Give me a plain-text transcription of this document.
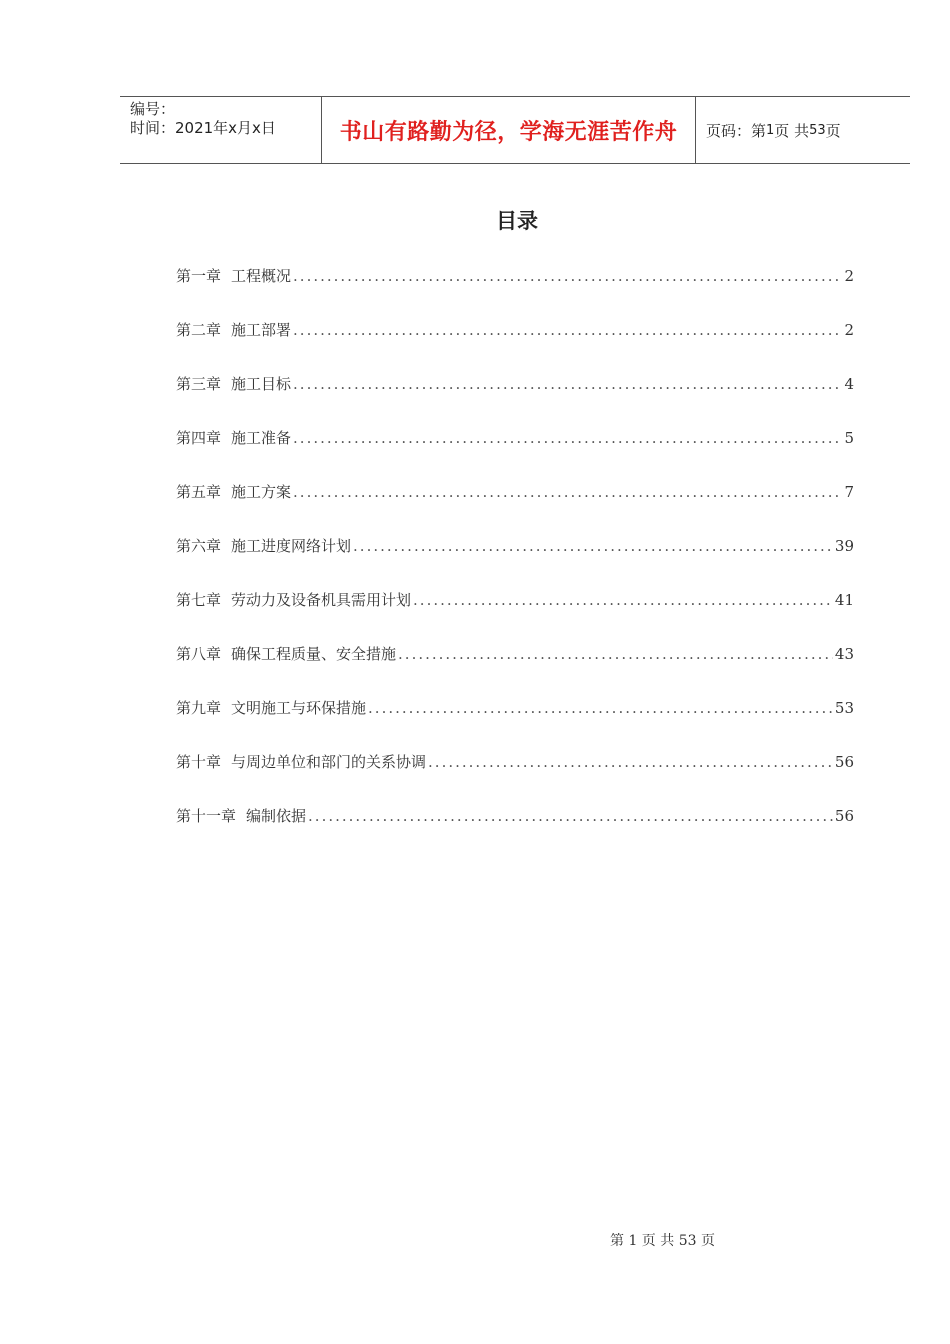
编号：
时间：2021年x月x日	书山有路勤为径，学海无涯苦作舟	页码：第 1 页 共 53 页
目录
第一章 工程概况 .....	2
第二章 施工部署 .....	2
第三章 施工目标 .....	4
第四章 施工准备 .....	5
第五章 施工方案 .....	7
第六章 施工进度网络计划 .....	39
第七章 劳动力及设备机具需用计划 .....	41
第八章 确保工程质量、安全措施 .....	43
第九章 文明施工与环保措施 .....	53
第十章 与周边单位和部门的关系协调 .....	56
第十一章 编制依据 .....	56
第 1 页 共 53 页
